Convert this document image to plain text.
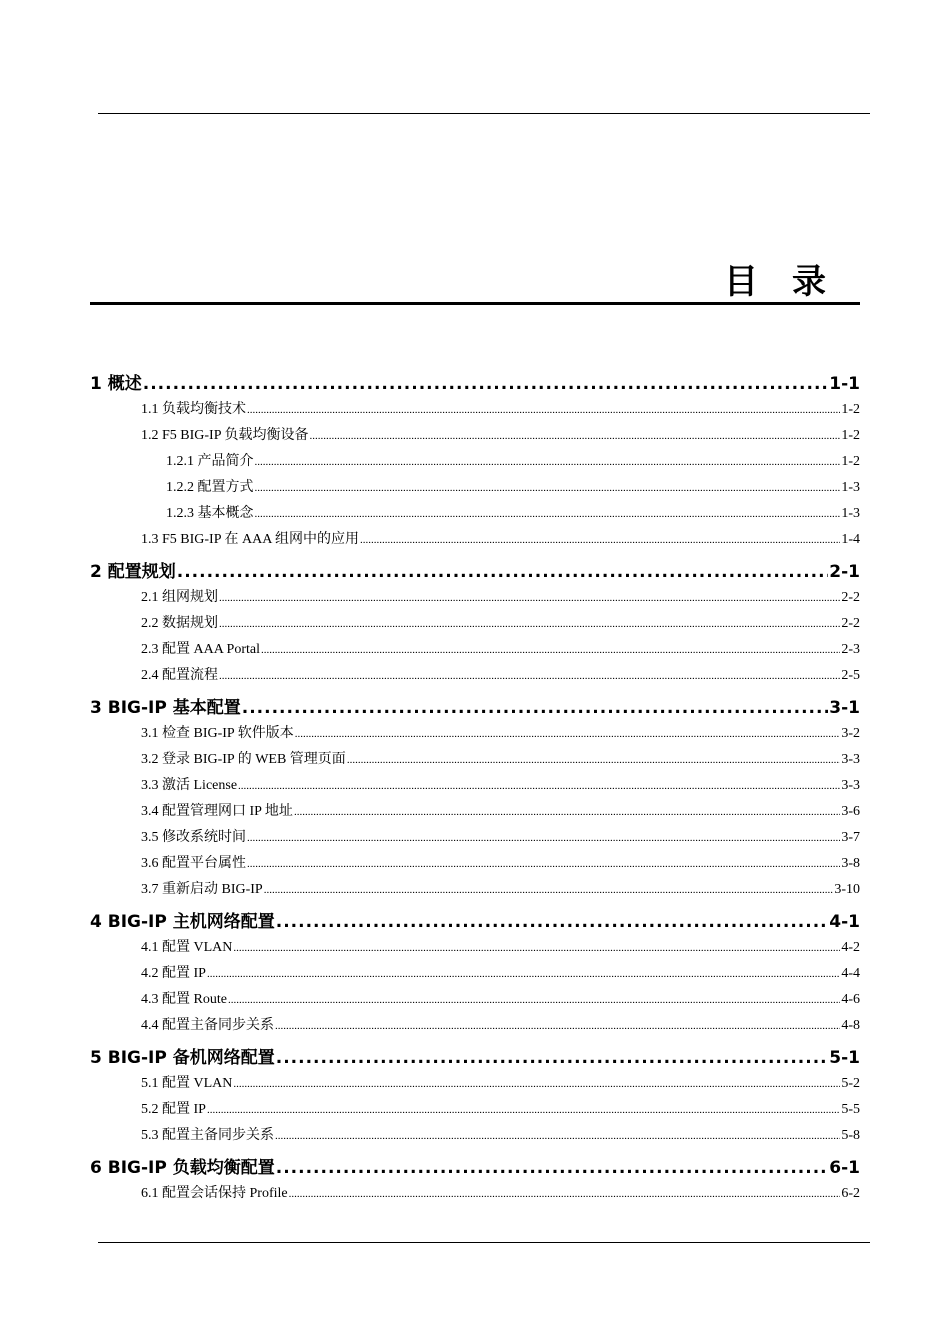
目录
1 概述 .....	1-1
1.1 负载均衡技术 .....	1-2
1.2 F5 BIG-IP 负载均衡设备 .....	1-2
1.2.1 产品简介 .....	1-2
1.2.2 配置方式 .....	1-3
1.2.3 基本概念 .....	1-3
1.3 F5 BIG-IP 在 AAA 组网中的应用 .....	1-4
2 配置规划 .....	2-1
2.1 组网规划 .....	2-2
2.2 数据规划 .....	2-2
2.3 配置 AAA Portal .....	2-3
2.4 配置流程 .....	2-5
3 BIG-IP 基本配置 .....	3-1
3.1 检查 BIG-IP 软件版本 .....	3-2
3.2 登录 BIG-IP 的 WEB 管理页面 .....	3-3
3.3 激活 License .....	3-3
3.4 配置管理网口 IP 地址 .....	3-6
3.5 修改系统时间 .....	3-7
3.6 配置平台属性 .....	3-8
3.7 重新启动 BIG-IP .....	3-10
4 BIG-IP 主机网络配置 .....	4-1
4.1 配置 VLAN .....	4-2
4.2 配置 IP .....	4-4
4.3 配置 Route .....	4-6
4.4 配置主备同步关系 .....	4-8
5 BIG-IP 备机网络配置 .....	5-1
5.1 配置 VLAN .....	5-2
5.2 配置 IP .....	5-5
5.3 配置主备同步关系 .....	5-8
6 BIG-IP 负载均衡配置 .....	6-1
6.1 配置会话保持 Profile .....	6-2
